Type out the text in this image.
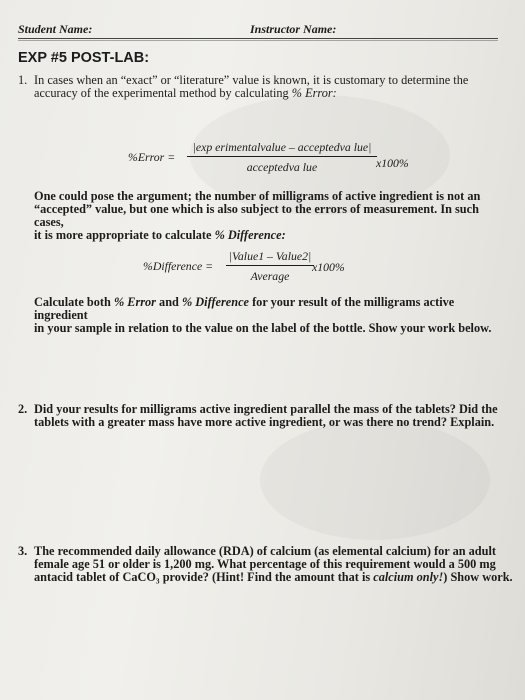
Student Name:	Instructor Name:
EXP #5 POST-LAB:
1. In cases when an “exact” or “literature” value is known, it is customary to determine the
accuracy of the experimental method by calculating % Error:
%Error =
|exp erimentalvalue – acceptedva lue|
acceptedva lue	x100%
One could pose the argument; the number of milligrams of active ingredient is not an
“accepted” value, but one which is also subject to the errors of measurement. In such cases,
it is more appropriate to calculate % Difference:
%Difference =
|Value1 – Value2|
Average
x100%
Calculate both % Error and % Difference for your result of the milligrams active ingredient
in your sample in relation to the value on the label of the bottle. Show your work below.
2. Did your results for milligrams active ingredient parallel the mass of the tablets? Did the
tablets with a greater mass have more active ingredient, or was there no trend? Explain.
3. The recommended daily allowance (RDA) of calcium (as elemental calcium) for an adult
female age 51 or older is 1,200 mg. What percentage of this requirement would a 500 mg
antacid tablet of CaCO₃ provide? (Hint! Find the amount that is calcium only!) Show work.
